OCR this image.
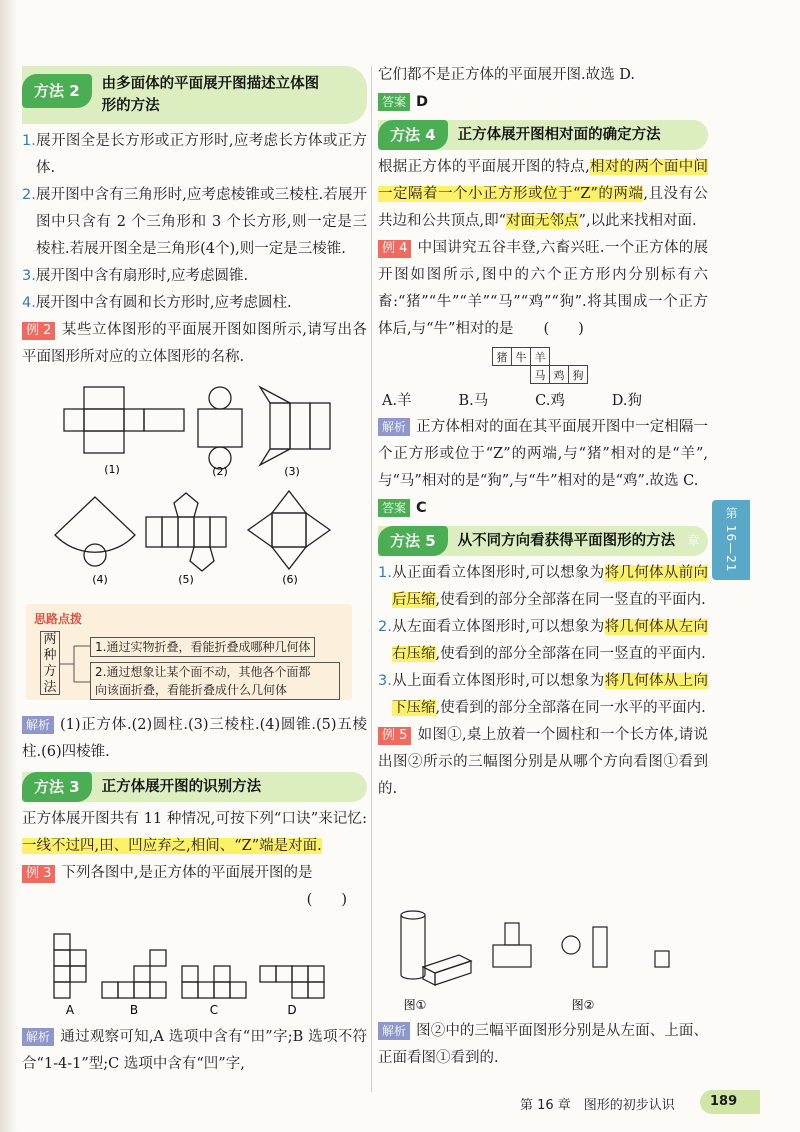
方法 2	由多面体的平面展开图描述立体图形的方法
1.展开图全是长方形或正方形时,应考虑长方体或正方体.
2.展开图中含有三角形时,应考虑棱锥或三棱柱.若展开图中只含有 2 个三角形和 3 个长方形,则一定是三棱柱.若展开图全是三角形(4个),则一定是三棱锥.
3.展开图中含有扇形时,应考虑圆锥.
4.展开图中含有圆和长方形时,应考虑圆柱.

例 2 某些立体图形的平面展开图如图所示,请写出各平面图形所对应的立体图形的名称.

(1)	(2)	(3)
(4)	(5)	(6)
思路点拨
两种方法
1.通过实物折叠，看能折叠成哪种几何体
2.通过想象让某个面不动，其他各个面都
向该面折叠，看能折叠成什么几何体

解析 (1)正方体.(2)圆柱.(3)三棱柱.(4)圆锥.(5)五棱柱.(6)四棱锥.

方法 3	正方体展开图的识别方法

正方体展开图共有 11 种情况,可按下列“口诀”来记忆:一线不过四,田、凹应弃之,相间、“Z”端是对面.

例 3 下列各图中,是正方体的平面展开图的是

(　　)

A	B	C	D

解析 通过观察可知,A 选项中含有“田”字;B 选项不符合“1-4-1”型;C 选项中含有“凹”字,

它们都不是正方体的平面展开图.故选 D.

答案 D

方法 4	正方体展开图相对面的确定方法

根据正方体的平面展开图的特点,相对的两个面中间一定隔着一个小正方形或位于“Z”的两端,且没有公共边和公共顶点,即“对面无邻点”,以此来找相对面.

例 4 中国讲究五谷丰登,六畜兴旺.一个正方体的展开图如图所示,图中的六个正方形内分别标有六畜:“猪”“牛”“羊”“马”“鸡”“狗”.将其围成一个正方体后,与“牛”相对的是 (　　)

猪	牛	羊		
		马	鸡	狗
A.羊	B.马	C.鸡	D.狗

解析 正方体相对的面在其平面展开图中一定相隔一个正方形或位于“Z”的两端,与“猪”相对的是“羊”,与“马”相对的是“狗”,与“牛”相对的是“鸡”.故选 C.

答案 C

方法 5	从不同方向看获得平面图形的方法
1.从正面看立体图形时,可以想象为将几何体从前向后压缩,使看到的部分全部落在同一竖直的平面内.
2.从左面看立体图形时,可以想象为将几何体从左向右压缩,使看到的部分全部落在同一竖直的平面内.
3.从上面看立体图形时,可以想象为将几何体从上向下压缩,使看到的部分全部落在同一水平的平面内.

例 5 如图①,桌上放着一个圆柱和一个长方体,请说出图②所示的三幅图分别是从哪个方向看图①看到的.

图①	图②

解析 图②中的三幅平面图形分别是从左面、上面、正面看图①看到的.

第 16—21 章
第 16 章　图形的初步认识	189
